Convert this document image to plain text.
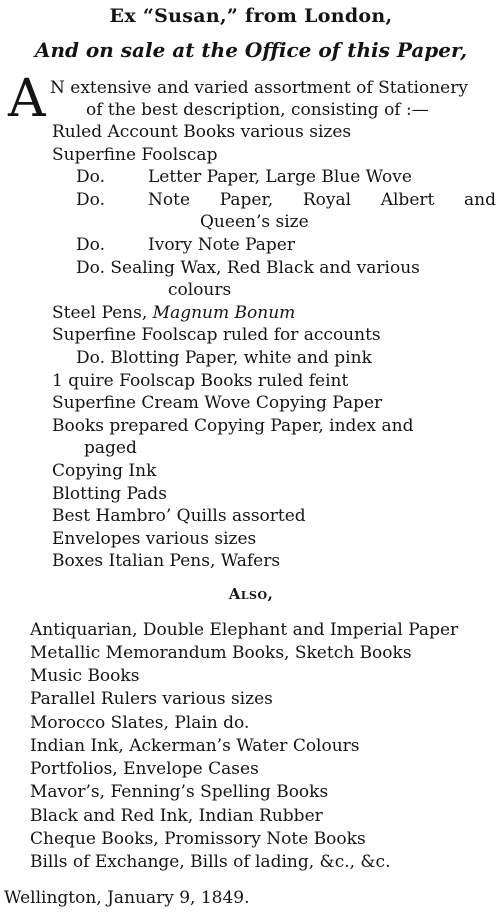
Ex “Susan,” from London,
And on sale at the Office of this Paper,
A N extensive and varied assortment of Stationery
of the best description, consisting of :—
Ruled Account Books various sizes
Superfine Foolscap
Do.	Letter Paper, Large Blue Wove
Do.	Note Paper, Royal Albert and
Queen’s size
Do.	Ivory Note Paper
Do. Sealing Wax, Red Black and various
colours
Steel Pens, Magnum Bonum
Superfine Foolscap ruled for accounts
Do. Blotting Paper, white and pink
1 quire Foolscap Books ruled feint
Superfine Cream Wove Copying Paper
Books prepared Copying Paper, index and
paged
Copying Ink
Blotting Pads
Best Hambro’ Quills assorted
Envelopes various sizes
Boxes Italian Pens, Wafers
Also,
Antiquarian, Double Elephant and Imperial Paper
Metallic Memorandum Books, Sketch Books
Music Books
Parallel Rulers various sizes
Morocco Slates, Plain do.
Indian Ink, Ackerman’s Water Colours
Portfolios, Envelope Cases
Mavor’s, Fenning’s Spelling Books
Black and Red Ink, Indian Rubber
Cheque Books, Promissory Note Books
Bills of Exchange, Bills of lading, &c., &c.
Wellington, January 9, 1849.
